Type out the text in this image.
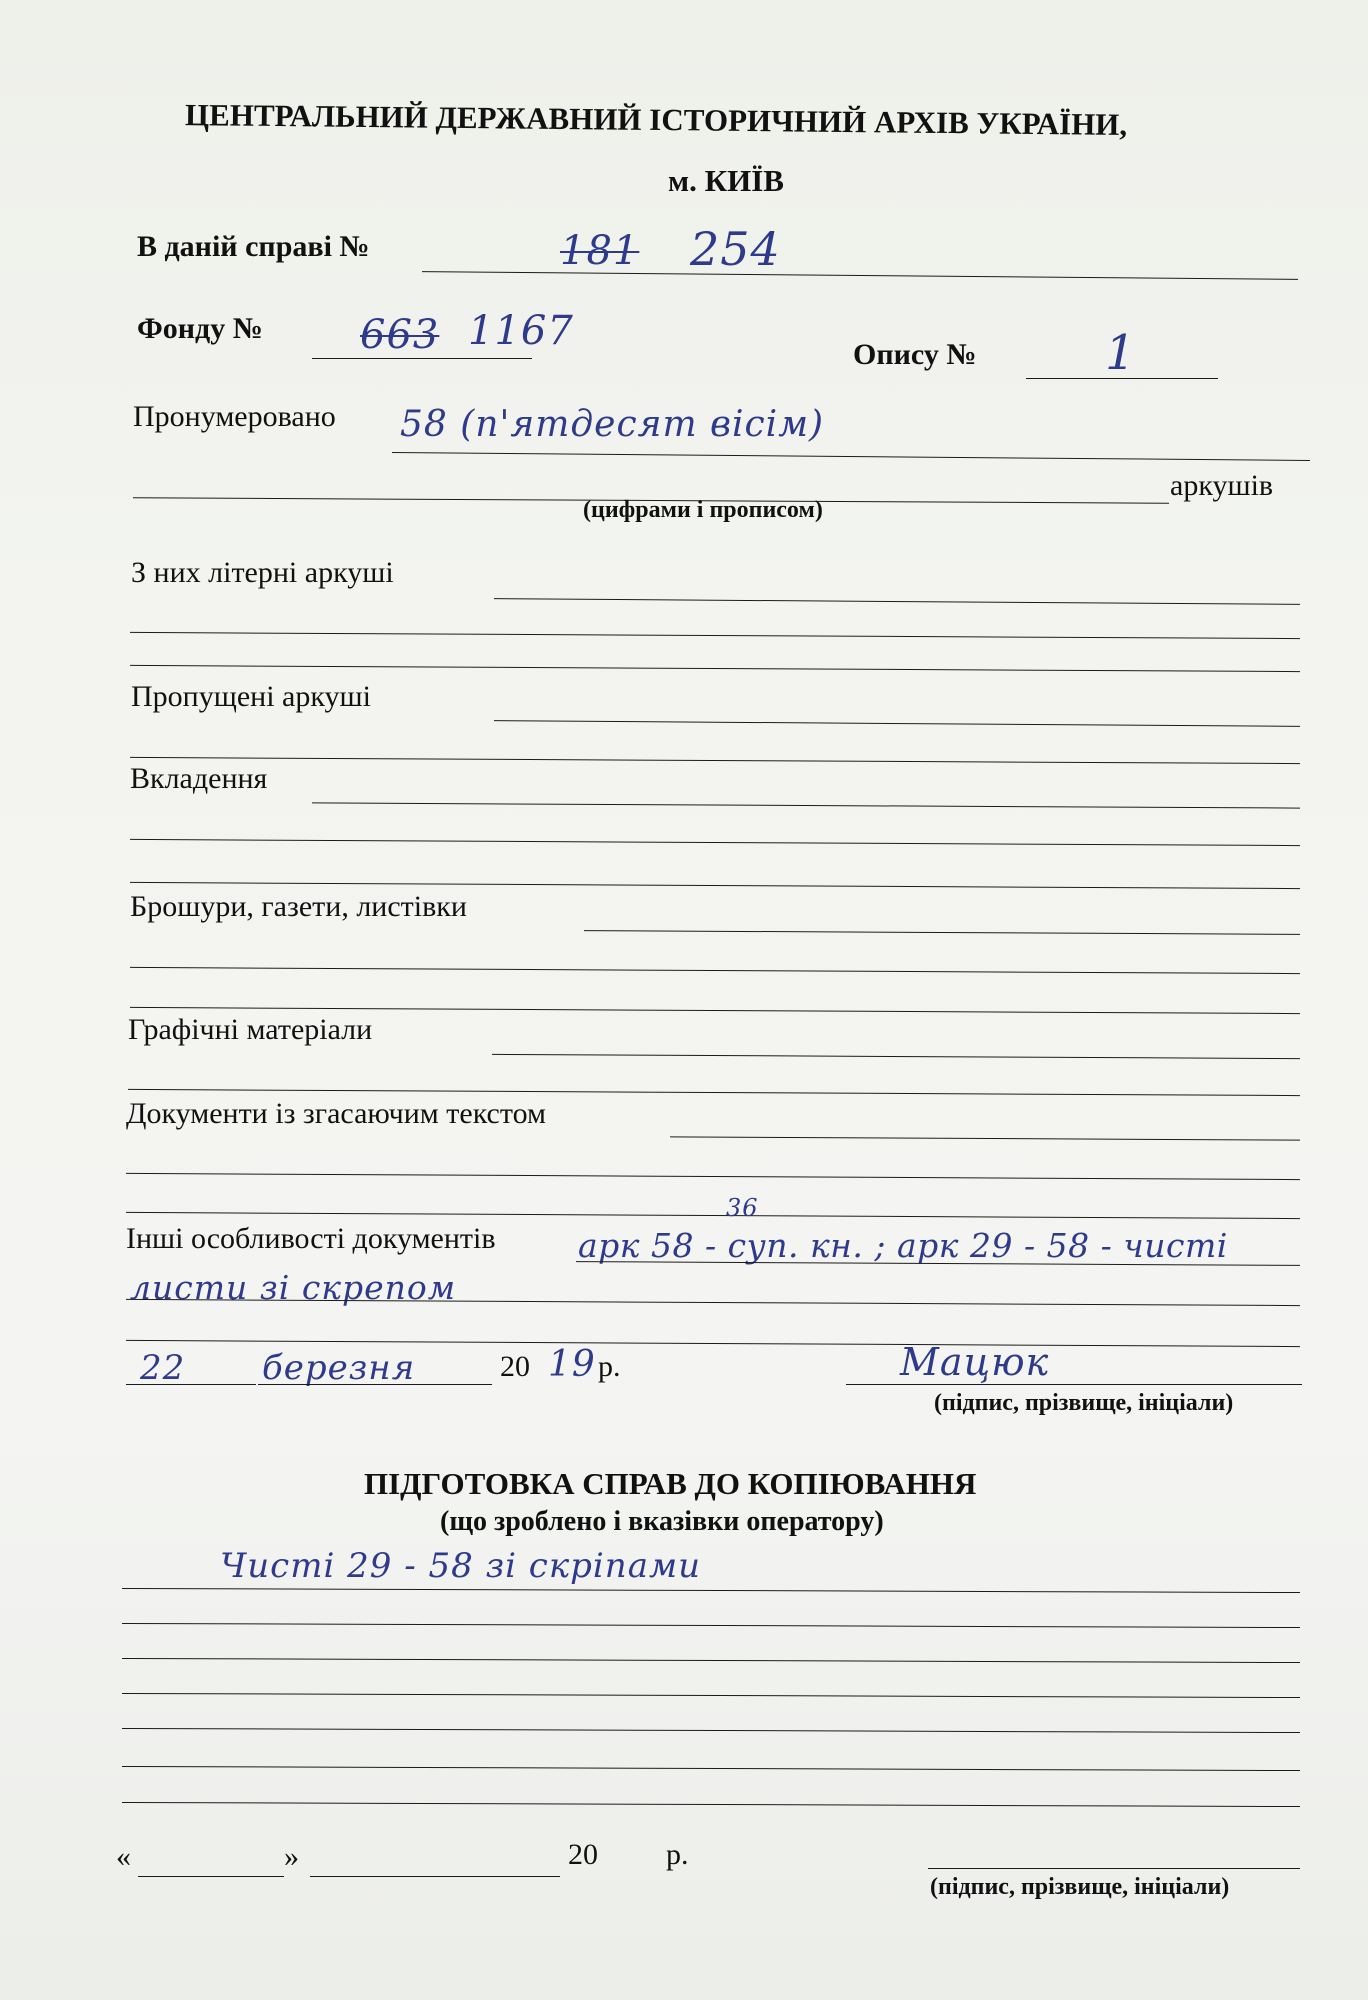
ЦЕНТРАЛЬНИЙ ДЕРЖАВНИЙ ІСТОРИЧНИЙ АРХІВ УКРАЇНИ,
м. КИЇВ
В даній справі №	181 254
Фонду № 663 1167
Опису №	1
Пронумеровано 58 (п'ятдесят вісім)
аркушів
(цифрами і прописом)
З них літерні аркуші
Пропущені аркуші
Вкладення
Брошури, газети, листівки
Графічні матеріали
Документи із згасаючим текстом
Інші особливості документів
36
арк 58 - суп. кн. ; арк 29 - 58 - чисті
листи зі скрепом
22 березня	20 19 р.	Мацюк
(підпис, прізвище, ініціали)
ПІДГОТОВКА СПРАВ ДО КОПІЮВАННЯ
(що зроблено і вказівки оператору)
Чисті 29 - 58 зі скріпами
«	»	20 р.
(підпис, прізвище, ініціали)
